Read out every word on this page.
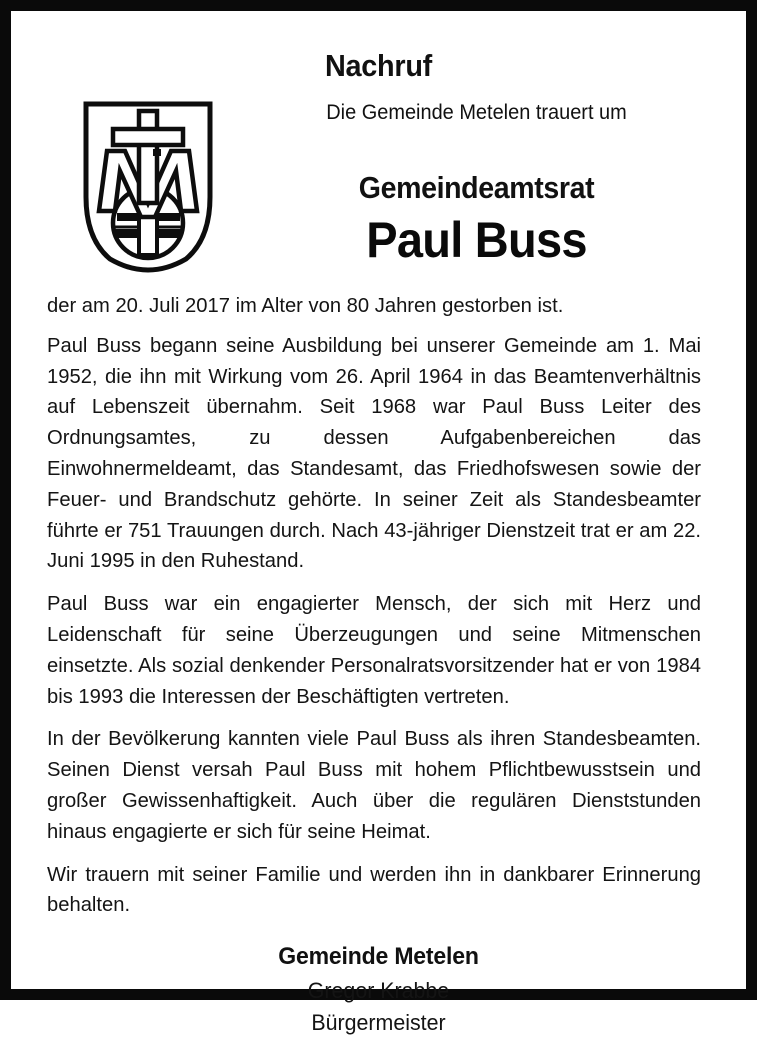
Nachruf
Die Gemeinde Metelen trauert um
Gemeindeamtsrat
Paul Buss

der am 20. Juli 2017 im Alter von 80 Jahren gestorben ist.

Paul Buss begann seine Ausbildung bei unserer Gemeinde am 1. Mai 1952, die ihn mit Wirkung vom 26. April 1964 in das Beamtenverhältnis auf Lebenszeit übernahm. Seit 1968 war Paul Buss Leiter des Ordnungsamtes, zu dessen Aufgabenbereichen das Einwohnermeldeamt, das Standesamt, das Friedhofswesen sowie der Feuer- und Brandschutz gehörte. In seiner Zeit als Standesbeamter führte er 751 Trauungen durch. Nach 43-jähriger Dienstzeit trat er am 22. Juni 1995 in den Ruhestand.

Paul Buss war ein engagierter Mensch, der sich mit Herz und Leidenschaft für seine Überzeugungen und seine Mitmenschen einsetzte. Als sozial denkender Personalratsvorsitzender hat er von 1984 bis 1993 die Interessen der Beschäftigten vertreten.

In der Bevölkerung kannten viele Paul Buss als ihren Standesbeamten. Seinen Dienst versah Paul Buss mit hohem Pflichtbewusstsein und großer Gewissenhaftigkeit. Auch über die regulären Dienststunden hinaus engagierte er sich für seine Heimat.

Wir trauern mit seiner Familie und werden ihn in dankbarer Erinnerung behalten.

Gemeinde Metelen
Gregor Krabbe
Bürgermeister
